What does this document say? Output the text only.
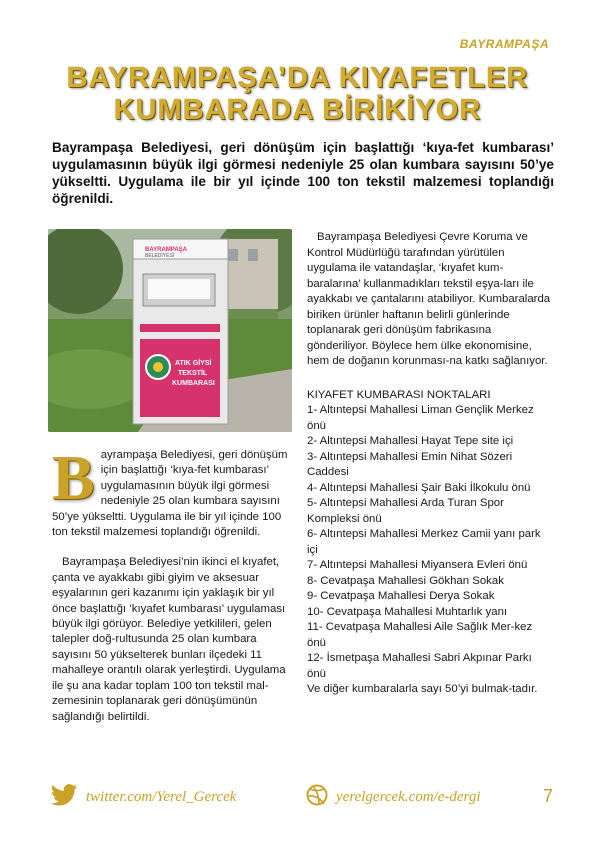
BAYRAMPAŞA
BAYRAMPAŞA’DA KIYAFETLER
KUMBARADA BİRİKİYOR

Bayrampaşa Belediyesi, geri dönüşüm için başlattığı ‘kıya-fet kumbarası’ uygulamasının büyük ilgi görmesi nedeniyle 25 olan kumbara sayısını 50’ye yükseltti. Uygulama ile bir yıl içinde 100 ton tekstil malzemesi toplandığı öğrenildi.

BAYRAMPAŞA
BELEDİYESİ
ATIK GİYSİ
TEKSTİL
KUMBARASI

Bayrampaşa Belediyesi, geri dönüşüm için başlattığı ‘kıya-fet kumbarası’ uygulamasının büyük ilgi görmesi nedeniyle 25 olan kumbara sayısını 50’ye yükseltti. Uygulama ile bir yıl içinde 100 ton tekstil malzemesi toplandığı öğrenildi.

Bayrampaşa Belediyesi’nin ikinci el kıyafet, çanta ve ayakkabı gibi giyim ve aksesuar eşyalarının geri kazanımı için yaklaşık bir yıl önce başlattığı ‘kıyafet kumbarası’ uygulaması büyük ilgi görüyor. Belediye yetkilileri, gelen talepler doğ-rultusunda 25 olan kumbara sayısını 50 yükselterek bunları ilçedeki 11 mahalleye orantılı olarak yerleştirdi. Uygulama ile şu ana kadar toplam 100 ton tekstil mal-zemesinin toplanarak geri dönüşümünün sağlandığı belirtildi.

Bayrampaşa Belediyesi Çevre Koruma ve Kontrol Müdürlüğü tarafından yürütülen uygulama ile vatandaşlar, ‘kıyafet kum-baralarına’ kullanmadıkları tekstil eşya-ları ile ayakkabı ve çantalarını atabiliyor. Kumbaralarda biriken ürünler haftanın belirli günlerinde toplanarak geri dönüşüm fabrikasına gönderiliyor. Böylece hem ülke ekonomisine, hem de doğanın korunması-na katkı sağlanıyor.

KIYAFET KUMBARASI NOKTALARI

1- Altıntepsi Mahallesi Liman Gençlik Merkez önü
2- Altıntepsi Mahallesi Hayat Tepe site içi
3- Altıntepsi Mahallesi Emin Nihat Sözeri Caddesi
4- Altıntepsi Mahallesi Şair Baki İlkokulu önü
5- Altıntepsi Mahallesi Arda Turan Spor Kompleksi önü
6- Altıntepsi Mahallesi Merkez Camii yanı park içi
7- Altıntepsi Mahallesi Miyansera Evleri önü
8- Cevatpaşa Mahallesi Gökhan Sokak
9- Cevatpaşa Mahallesi Derya Sokak
10- Cevatpaşa Mahallesi Muhtarlık yanı
11- Cevatpaşa Mahallesi Aile Sağlık Mer-kez önü
12- İsmetpaşa Mahallesi Sabri Akpınar Parkı önü

Ve diğer kumbaralarla sayı 50’yi bulmak-tadır.

twitter.com/Yerel_Gercek	yerelgercek.com/e-dergi	7
